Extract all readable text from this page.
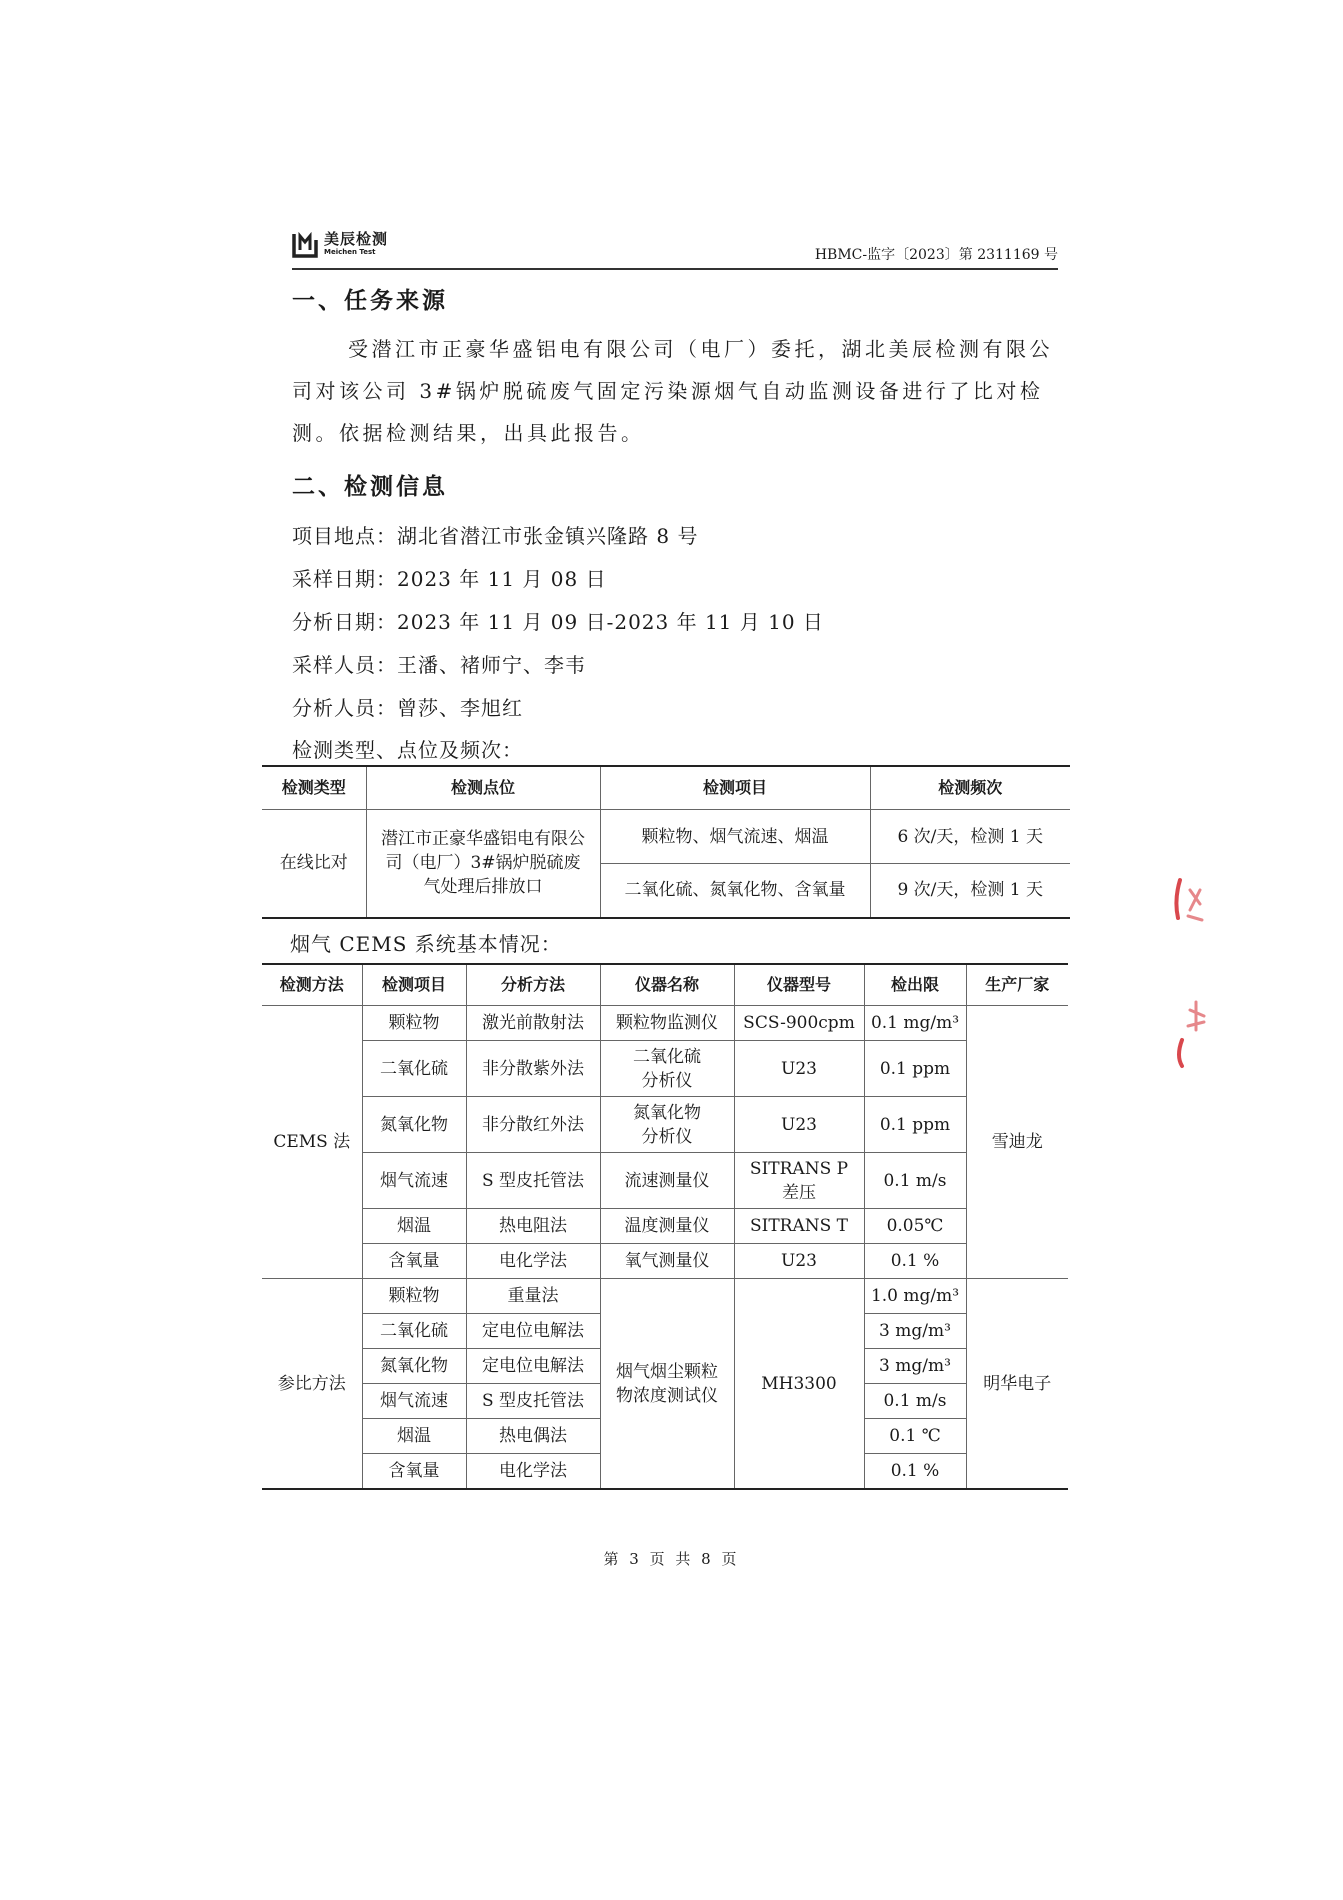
美辰检测
Meichen Test	HBMC-监字〔2023〕第 2311169 号
一、任务来源
受潜江市正豪华盛铝电有限公司（电厂）委托，湖北美辰检测有限公司对该公司 3#锅炉脱硫废气固定污染源烟气自动监测设备进行了比对检测。依据检测结果，出具此报告。
二、检测信息
项目地点：湖北省潜江市张金镇兴隆路 8 号
采样日期：2023 年 11 月 08 日
分析日期：2023 年 11 月 09 日-2023 年 11 月 10 日
采样人员：王潘、褚师宁、李韦
分析人员：曾莎、李旭红
检测类型、点位及频次：
检测类型	检测点位	检测项目	检测频次
在线比对	潜江市正豪华盛铝电有限公司（电厂）3#锅炉脱硫废气处理后排放口	颗粒物、烟气流速、烟温	6 次/天，检测 1 天
		二氧化硫、氮氧化物、含氧量	9 次/天，检测 1 天
烟气 CEMS 系统基本情况：
检测方法	检测项目	分析方法	仪器名称	仪器型号	检出限	生产厂家
CEMS 法	颗粒物	激光前散射法	颗粒物监测仪	SCS-900cpm	0.1 mg/m³	雪迪龙
	二氧化硫	非分散紫外法	二氧化硫分析仪	U23	0.1 ppm	
	氮氧化物	非分散红外法	氮氧化物分析仪	U23	0.1 ppm	
	烟气流速	S 型皮托管法	流速测量仪	SITRANS P 差压	0.1 m/s	
	烟温	热电阻法	温度测量仪	SITRANS T	0.05℃	
	含氧量	电化学法	氧气测量仪	U23	0.1 %	
参比方法	颗粒物	重量法	烟气烟尘颗粒物浓度测试仪	MH3300	1.0 mg/m³	明华电子
	二氧化硫	定电位电解法			3 mg/m³	
	氮氧化物	定电位电解法			3 mg/m³	
	烟气流速	S 型皮托管法			0.1 m/s	
	烟温	热电偶法			0.1 ℃	
	含氧量	电化学法			0.1 %	
第 3 页 共 8 页
